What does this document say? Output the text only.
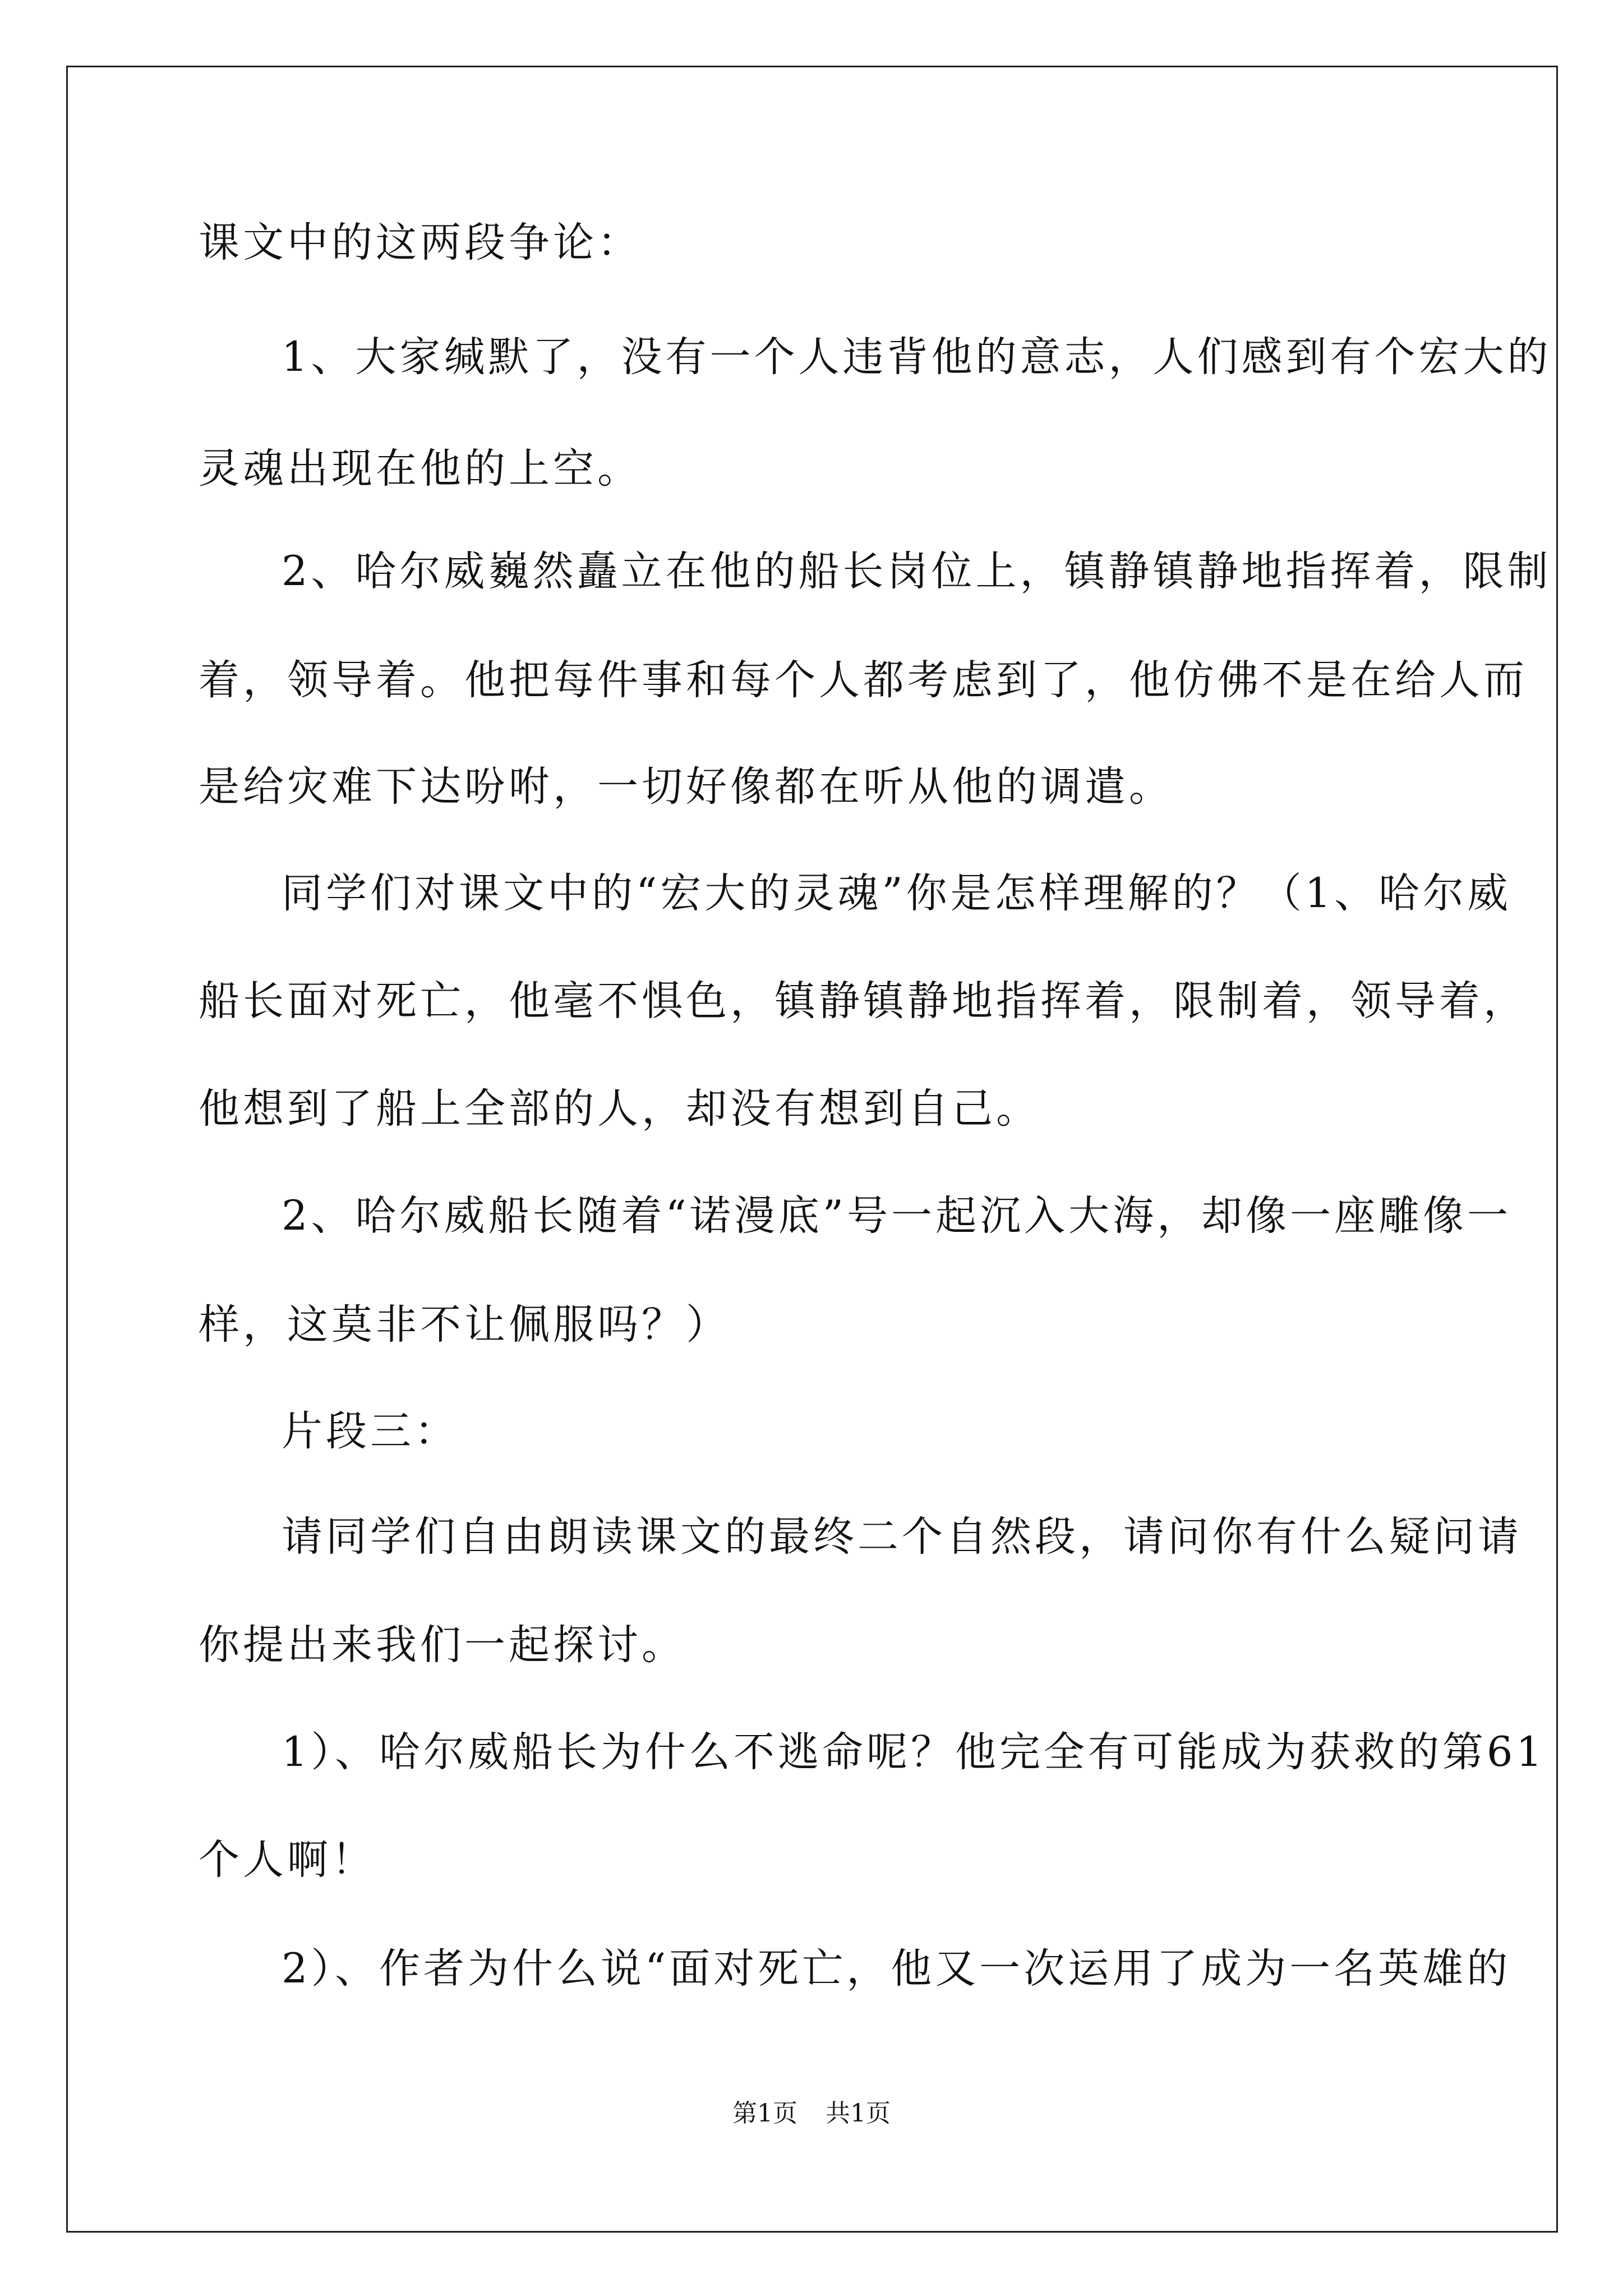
课文中的这两段争论：
1、大家缄默了，没有一个人违背他的意志，人们感到有个宏大的
灵魂出现在他的上空。
2、哈尔威巍然矗立在他的船长岗位上，镇静镇静地指挥着，限制
着，领导着。他把每件事和每个人都考虑到了，他仿佛不是在给人而
是给灾难下达吩咐，一切好像都在听从他的调遣。
同学们对课文中的“宏大的灵魂”你是怎样理解的？（1、哈尔威
船长面对死亡，他毫不惧色，镇静镇静地指挥着，限制着，领导着，
他想到了船上全部的人，却没有想到自己。
2、哈尔威船长随着“诺漫底”号一起沉入大海，却像一座雕像一
样，这莫非不让佩服吗？）
片段三：
请同学们自由朗读课文的最终二个自然段，请问你有什么疑问请
你提出来我们一起探讨。
1）、哈尔威船长为什么不逃命呢？他完全有可能成为获救的第61
个人啊！
2）、作者为什么说“面对死亡，他又一次运用了成为一名英雄的
第1页 共1页
